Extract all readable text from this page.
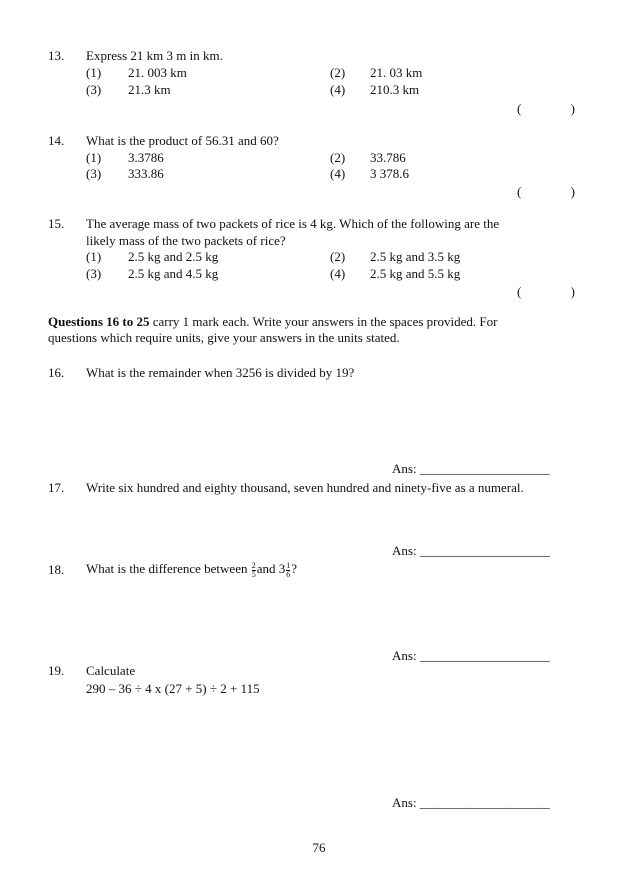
13. Express 21 km 3 m in km.
(1) 21. 003 km	(2) 21. 03 km
(3) 21.3 km	(4) 210.3 km
(	)
14. What is the product of 56.31 and 60?
(1) 3.3786	(2) 33.786
(3) 333.86	(4) 3 378.6
(	)
15. The average mass of two packets of rice is 4 kg. Which of the following are the
likely mass of the two packets of rice?
(1) 2.5 kg and 2.5 kg	(2) 2.5 kg and 3.5 kg
(3) 2.5 kg and 4.5 kg	(4) 2.5 kg and 5.5 kg
(	)
Questions 16 to 25 carry 1 mark each. Write your answers in the spaces provided. For
questions which require units, give your answers in the units stated.
16. What is the remainder when 3256 is divided by 19?
Ans: ____________________
17. Write six hundred and eighty thousand, seven hundred and ninety-five as a numeral.
Ans: ____________________
18. What is the difference between $\frac{2}{5}$ and $3 \frac{1}{6}$ ?
Ans: ____________________
19. Calculate
290 – 36 ÷ 4 x (27 + 5) ÷ 2 + 115
Ans: ____________________
76
